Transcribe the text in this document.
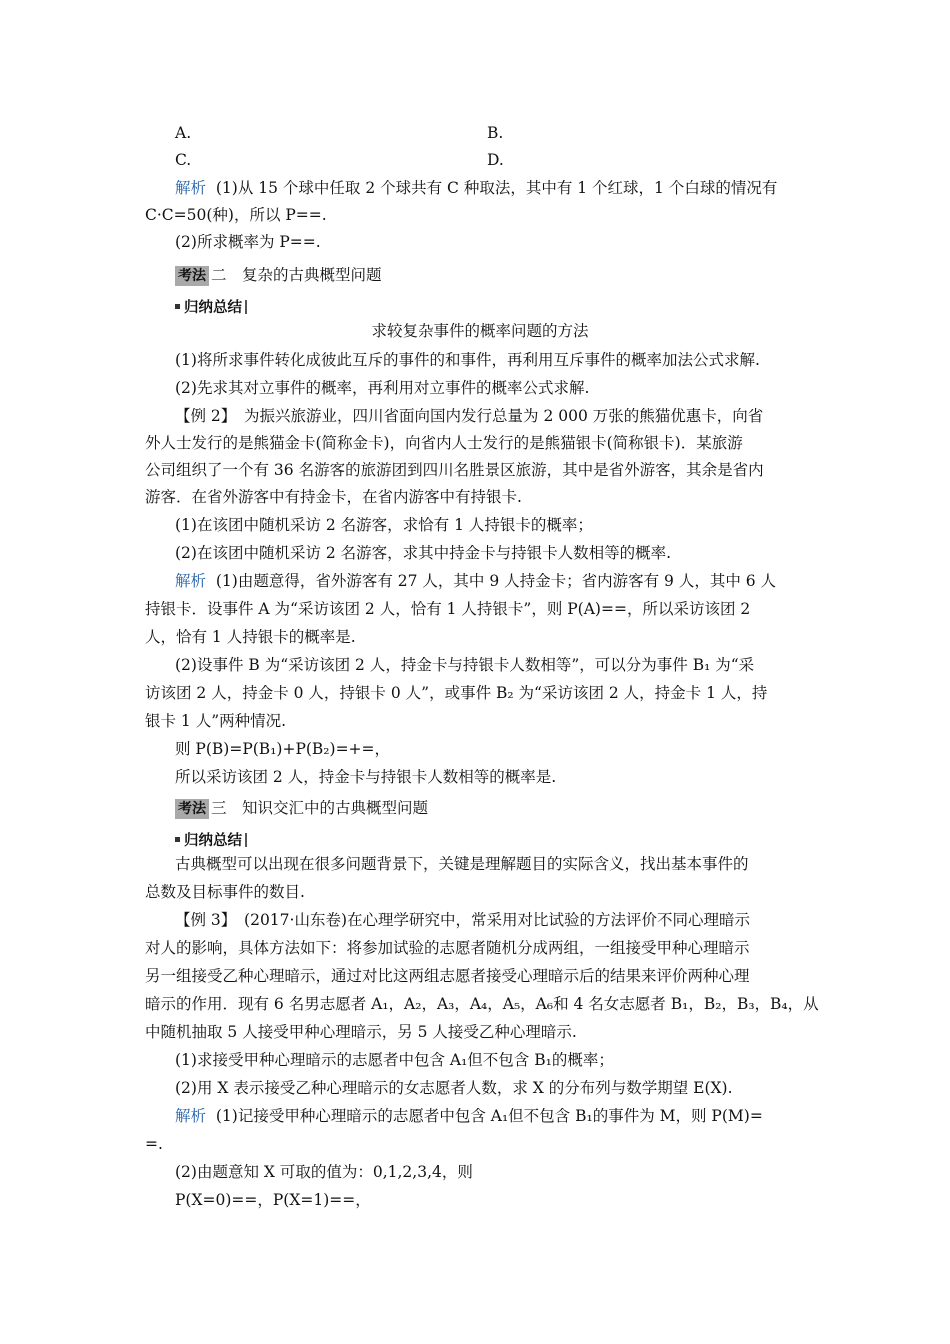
A.	B.
C.	D.
解析 (1)从 15 个球中任取 2 个球共有 C 种取法，其中有 1 个红球，1 个白球的情况有
C·C=50(种)，所以 P==.
(2)所求概率为 P==.
考法 二　复杂的古典概型问题
归纳总结
求较复杂事件的概率问题的方法
(1)将所求事件转化成彼此互斥的事件的和事件，再利用互斥事件的概率加法公式求解.
(2)先求其对立事件的概率，再利用对立事件的概率公式求解.
【例 2】　为振兴旅游业，四川省面向国内发行总量为 2 000 万张的熊猫优惠卡，向省
外人士发行的是熊猫金卡(简称金卡)，向省内人士发行的是熊猫银卡(简称银卡)．某旅游
公司组织了一个有 36 名游客的旅游团到四川名胜景区旅游，其中是省外游客，其余是省内
游客．在省外游客中有持金卡，在省内游客中有持银卡.
(1)在该团中随机采访 2 名游客，求恰有 1 人持银卡的概率；
(2)在该团中随机采访 2 名游客，求其中持金卡与持银卡人数相等的概率.
解析 (1)由题意得，省外游客有 27 人，其中 9 人持金卡；省内游客有 9 人，其中 6 人
持银卡．设事件 A 为“采访该团 2 人，恰有 1 人持银卡”，则 P(A)==，所以采访该团 2
人，恰有 1 人持银卡的概率是.
(2)设事件 B 为“采访该团 2 人，持金卡与持银卡人数相等”，可以分为事件 B₁ 为“采
访该团 2 人，持金卡 0 人，持银卡 0 人”，或事件 B₂ 为“采访该团 2 人，持金卡 1 人，持
银卡 1 人”两种情况.
则 P(B)=P(B₁)+P(B₂)=+=，
所以采访该团 2 人，持金卡与持银卡人数相等的概率是.
考法 三　知识交汇中的古典概型问题
归纳总结
古典概型可以出现在很多问题背景下，关键是理解题目的实际含义，找出基本事件的
总数及目标事件的数目.
【例 3】　(2017·山东卷)在心理学研究中，常采用对比试验的方法评价不同心理暗示
对人的影响，具体方法如下：将参加试验的志愿者随机分成两组，一组接受甲种心理暗示
另一组接受乙种心理暗示，通过对比这两组志愿者接受心理暗示后的结果来评价两种心理
暗示的作用．现有 6 名男志愿者 A₁，A₂，A₃，A₄，A₅，A₆和 4 名女志愿者 B₁，B₂，B₃，B₄，从
中随机抽取 5 人接受甲种心理暗示，另 5 人接受乙种心理暗示.
(1)求接受甲种心理暗示的志愿者中包含 A₁但不包含 B₁的概率；
(2)用 X 表示接受乙种心理暗示的女志愿者人数，求 X 的分布列与数学期望 E(X).
解析 (1)记接受甲种心理暗示的志愿者中包含 A₁但不包含 B₁的事件为 M，则 P(M)=
=.
(2)由题意知 X 可取的值为：0,1,2,3,4，则
P(X=0)==，P(X=1)==，
